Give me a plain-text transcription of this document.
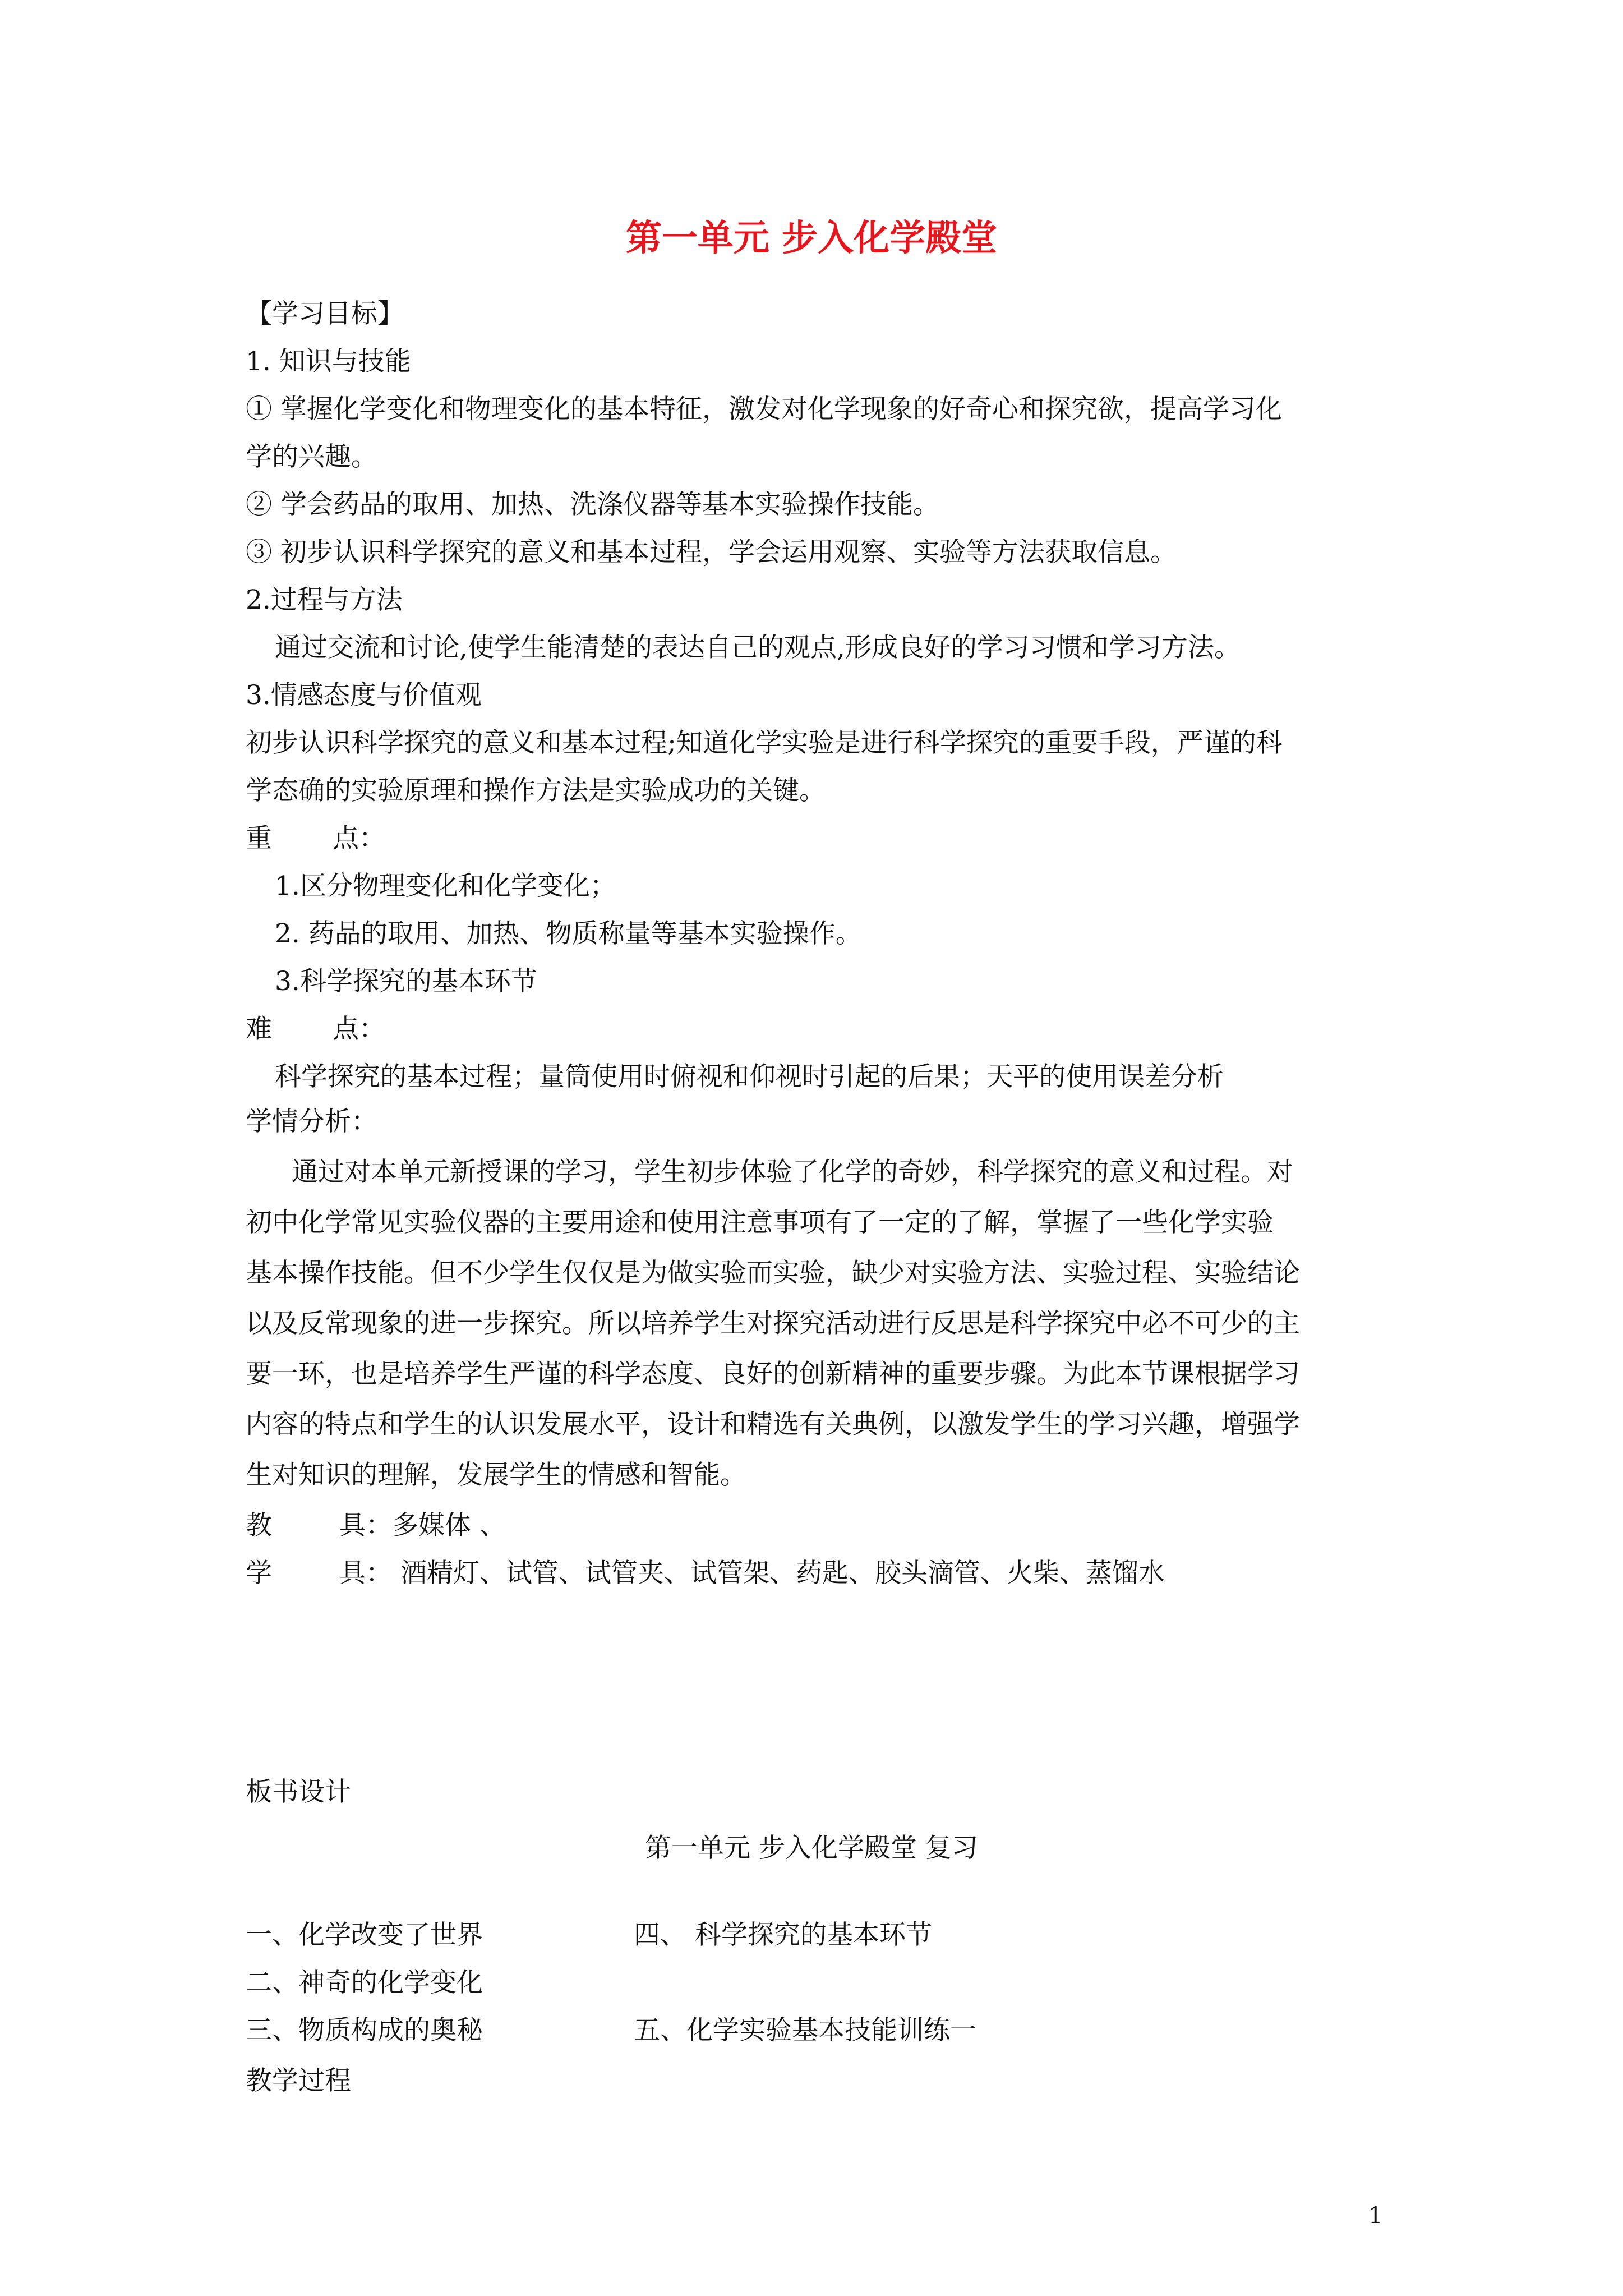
第一单元 步入化学殿堂
【学习目标】
1. 知识与技能
① 掌握化学变化和物理变化的基本特征，激发对化学现象的好奇心和探究欲，提高学习化
学的兴趣。
② 学会药品的取用、加热、洗涤仪器等基本实验操作技能。
③ 初步认识科学探究的意义和基本过程，学会运用观察、实验等方法获取信息。
2.过程与方法
通过交流和讨论,使学生能清楚的表达自己的观点,形成良好的学习习惯和学习方法。
3.情感态度与价值观
初步认识科学探究的意义和基本过程;知道化学实验是进行科学探究的重要手段，严谨的科
学态确的实验原理和操作方法是实验成功的关键。
重 点：
1.区分物理变化和化学变化；
2. 药品的取用、加热、物质称量等基本实验操作。
3.科学探究的基本环节
难 点：
科学探究的基本过程；量筒使用时俯视和仰视时引起的后果；天平的使用误差分析
学情分析：
通过对本单元新授课的学习，学生初步体验了化学的奇妙，科学探究的意义和过程。对
初中化学常见实验仪器的主要用途和使用注意事项有了一定的了解，掌握了一些化学实验
基本操作技能。但不少学生仅仅是为做实验而实验，缺少对实验方法、实验过程、实验结论
以及反常现象的进一步探究。所以培养学生对探究活动进行反思是科学探究中必不可少的主
要一环，也是培养学生严谨的科学态度、良好的创新精神的重要步骤。为此本节课根据学习
内容的特点和学生的认识发展水平，设计和精选有关典例，以激发学生的学习兴趣，增强学
生对知识的理解，发展学生的情感和智能。
教	具：多媒体 、
学	具： 酒精灯、试管、试管夹、试管架、药匙、胶头滴管、火柴、蒸馏水
板书设计
第一单元 步入化学殿堂 复习
一、化学改变了世界	四、 科学探究的基本环节
二、神奇的化学变化
三、物质构成的奥秘	五、化学实验基本技能训练一
教学过程
1
